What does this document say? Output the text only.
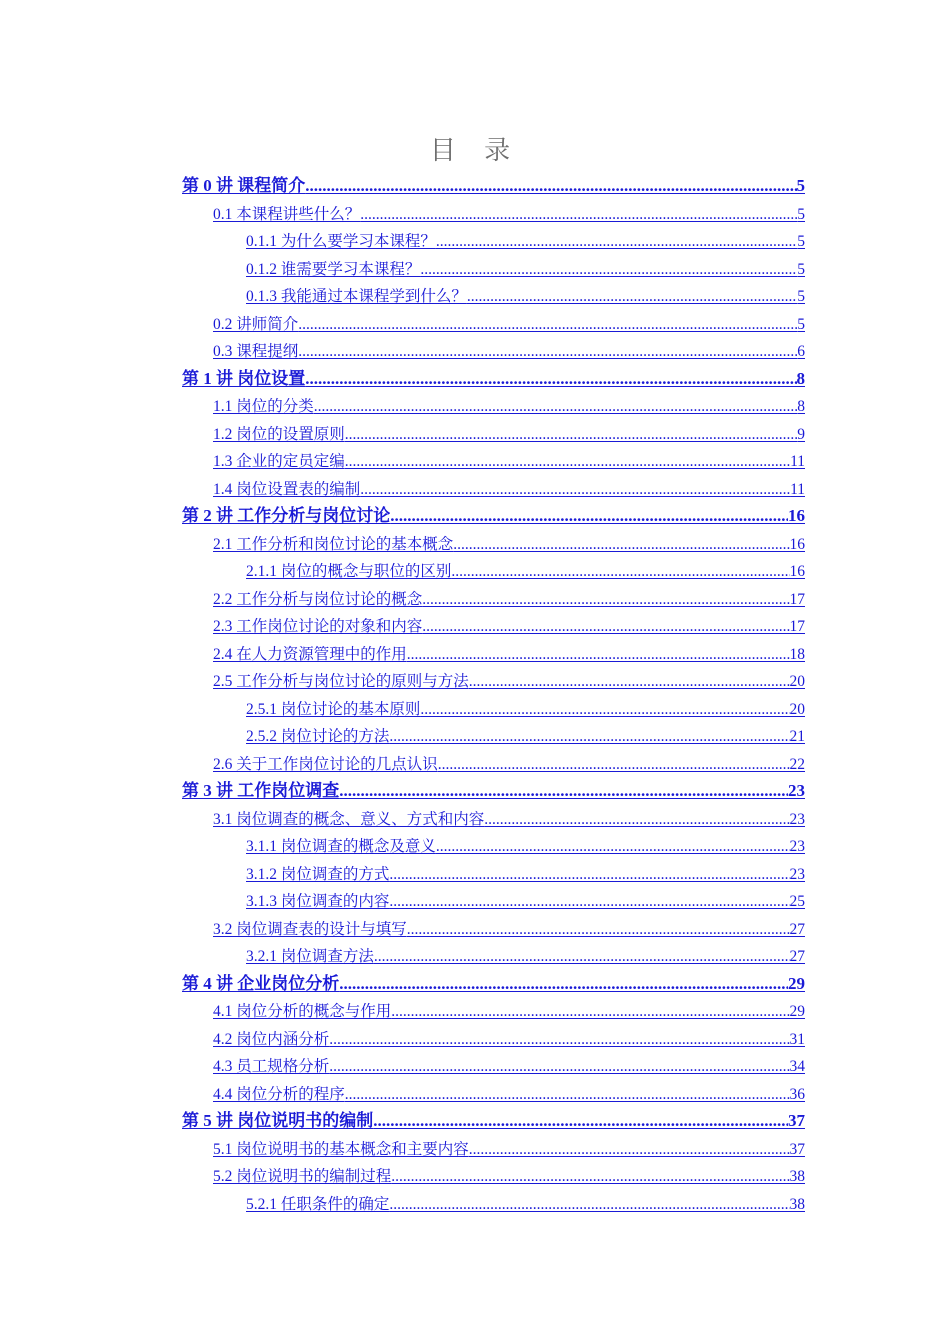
目 录
第 0 讲 课程简介 .....	5
0.1 本课程讲些什么？ .....	5
0.1.1 为什么要学习本课程？ .....	5
0.1.2 谁需要学习本课程？ .....	5
0.1.3 我能通过本课程学到什么？ .....	5
0.2 讲师简介 .....	5
0.3 课程提纲 .....	6
第 1 讲 岗位设置 .....	8
1.1 岗位的分类 .....	8
1.2 岗位的设置原则 .....	9
1.3 企业的定员定编 .....	11
1.4 岗位设置表的编制 .....	11
第 2 讲 工作分析与岗位讨论 .....	16
2.1 工作分析和岗位讨论的基本概念 .....	16
2.1.1 岗位的概念与职位的区别 .....	16
2.2 工作分析与岗位讨论的概念 .....	17
2.3 工作岗位讨论的对象和内容 .....	17
2.4 在人力资源管理中的作用 .....	18
2.5 工作分析与岗位讨论的原则与方法 .....	20
2.5.1 岗位讨论的基本原则 .....	20
2.5.2 岗位讨论的方法 .....	21
2.6 关于工作岗位讨论的几点认识 .....	22
第 3 讲 工作岗位调查 .....	23
3.1 岗位调查的概念、意义、方式和内容 .....	23
3.1.1 岗位调查的概念及意义 .....	23
3.1.2 岗位调查的方式 .....	23
3.1.3 岗位调查的内容 .....	25
3.2 岗位调查表的设计与填写 .....	27
3.2.1 岗位调查方法 .....	27
第 4 讲 企业岗位分析 .....	29
4.1 岗位分析的概念与作用 .....	29
4.2 岗位内涵分析 .....	31
4.3 员工规格分析 .....	34
4.4 岗位分析的程序 .....	36
第 5 讲 岗位说明书的编制 .....	37
5.1 岗位说明书的基本概念和主要内容 .....	37
5.2 岗位说明书的编制过程 .....	38
5.2.1 任职条件的确定 .....	38
